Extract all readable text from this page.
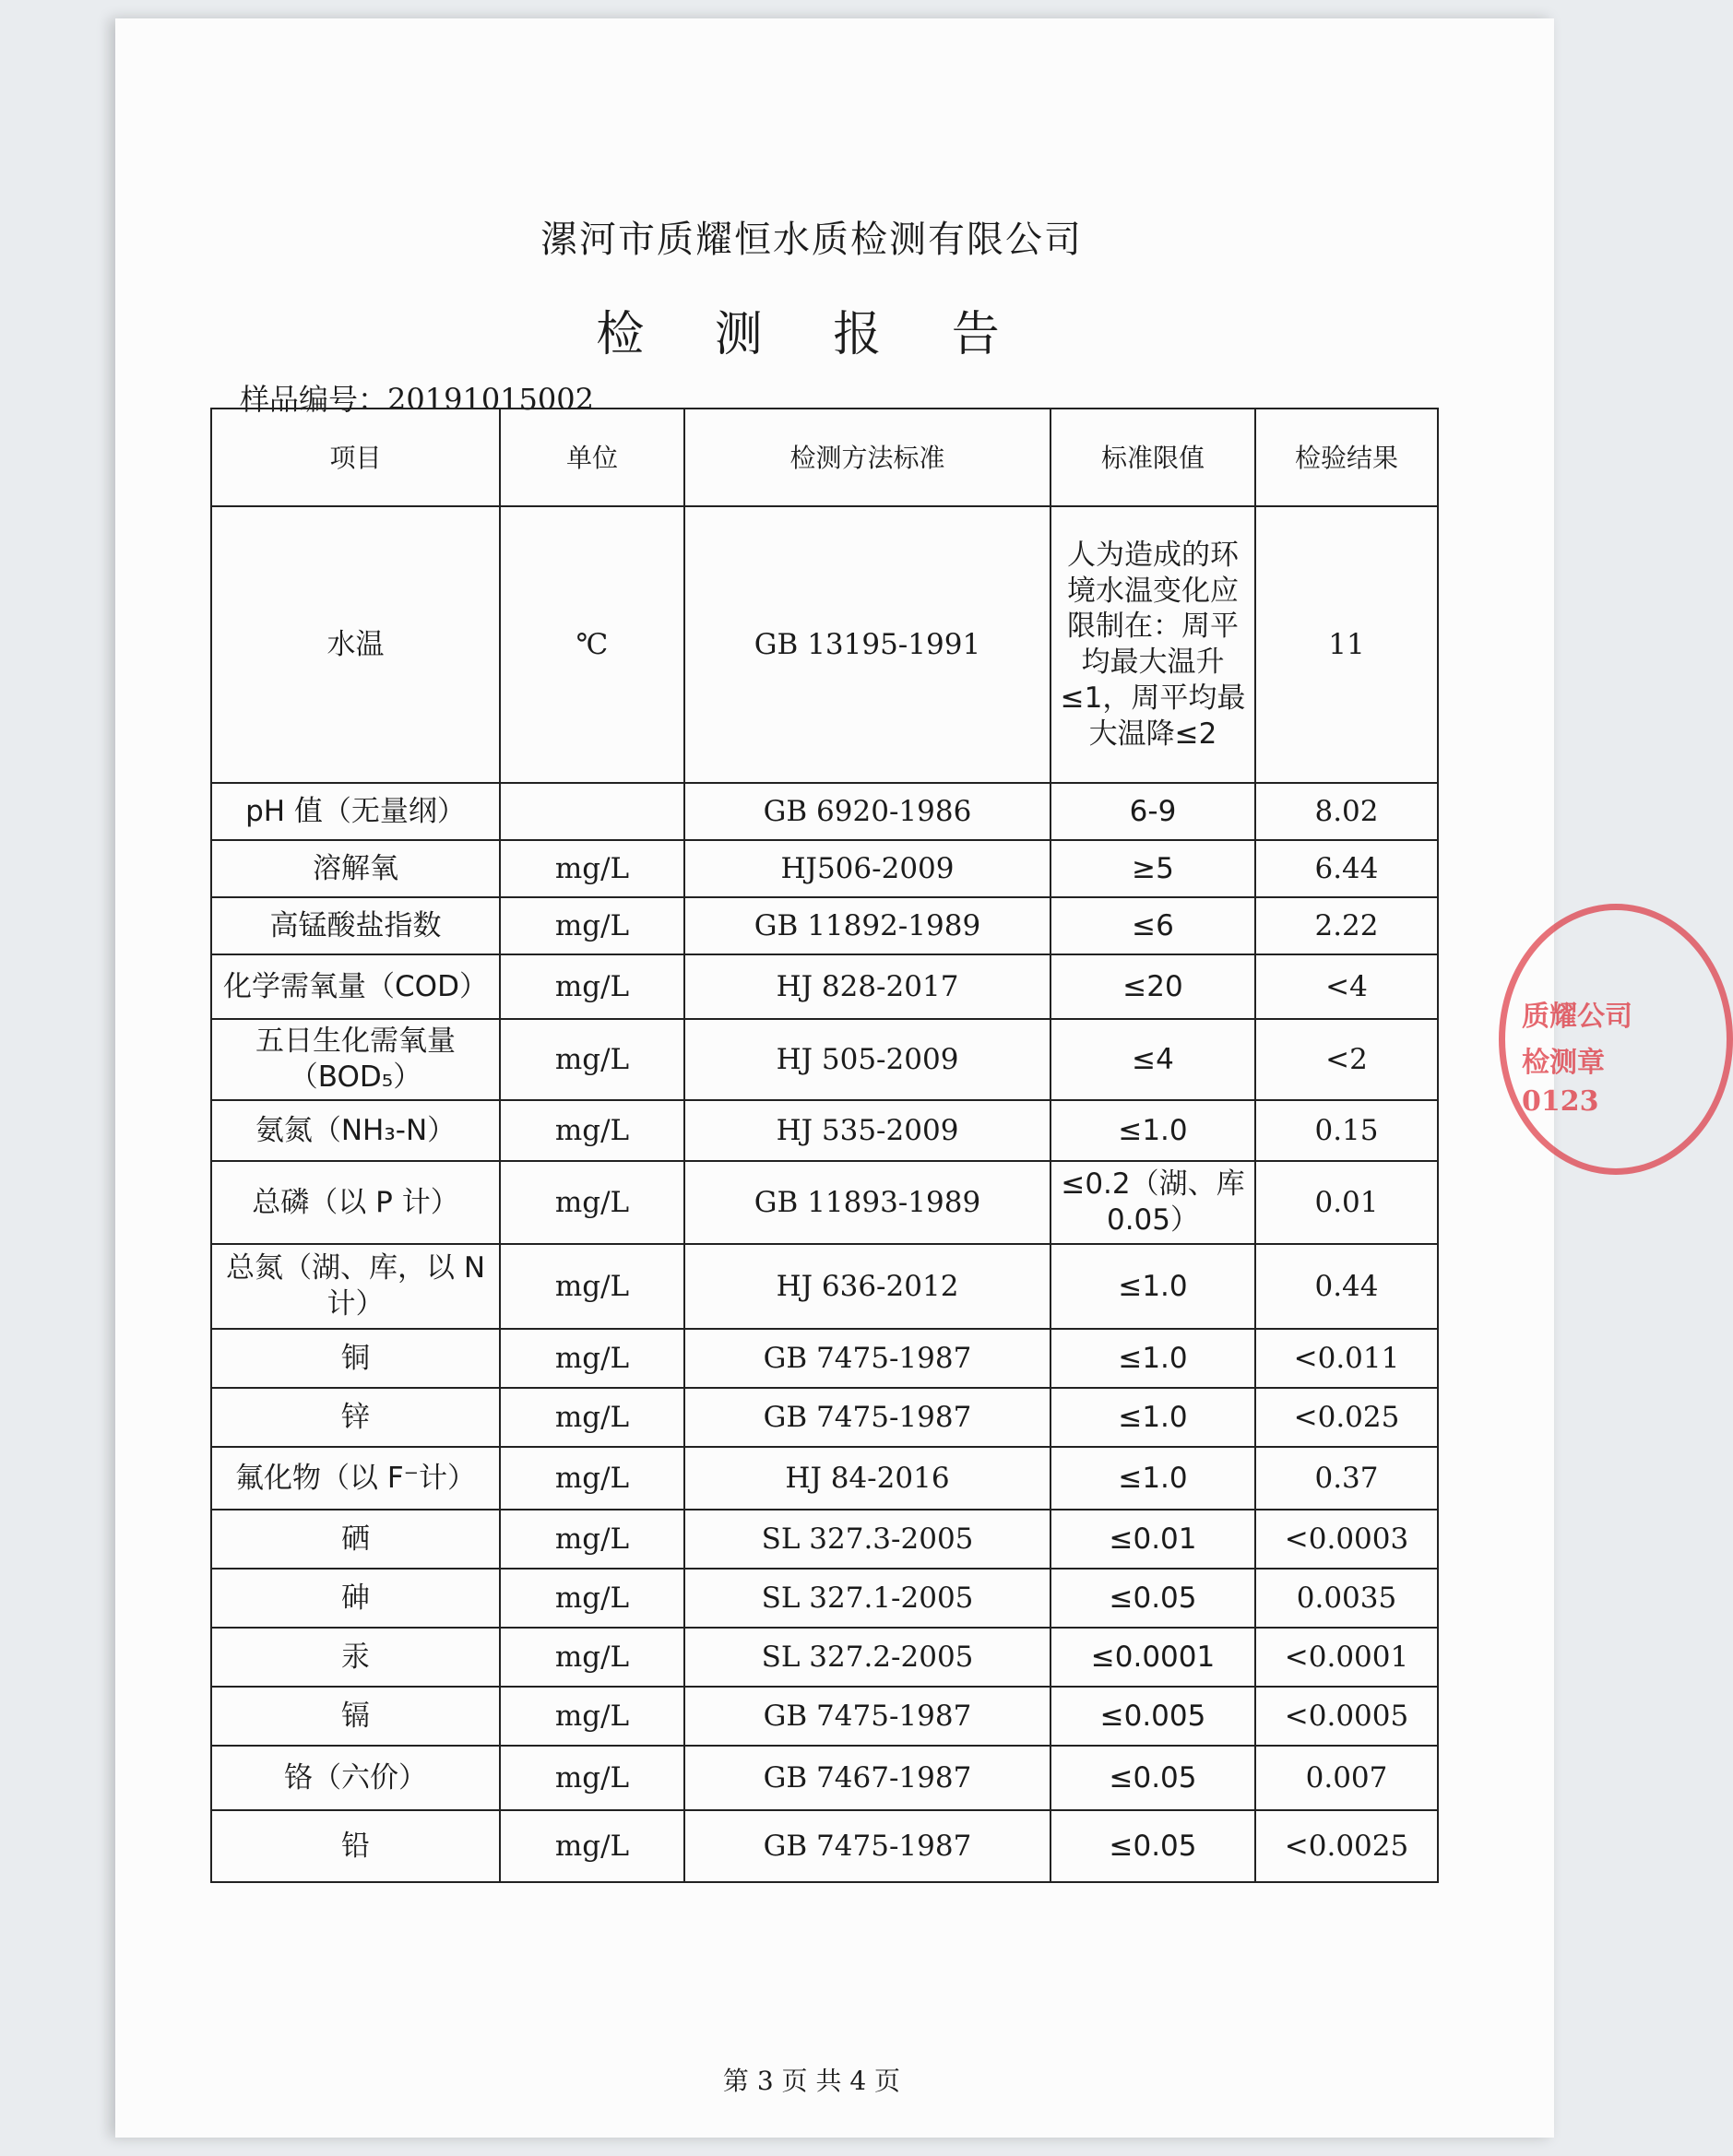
漯河市质耀恒水质检测有限公司
检 测 报 告
样品编号：20191015002
项目	单位	检测方法标准	标准限值	检验结果
水温	℃	GB 13195-1991	人为造成的环境水温变化应限制在：周平均最大温升≤1，周平均最大温降≤2	11
pH 值（无量纲）		GB 6920-1986	6-9	8.02
溶解氧	mg/L	HJ506-2009	≥5	6.44
高锰酸盐指数	mg/L	GB 11892-1989	≤6	2.22
化学需氧量（COD）	mg/L	HJ 828-2017	≤20	<4
五日生化需氧量（BOD₅）	mg/L	HJ 505-2009	≤4	<2
氨氮（NH₃-N）	mg/L	HJ 535-2009	≤1.0	0.15
总磷（以 P 计）	mg/L	GB 11893-1989	≤0.2（湖、库 0.05）	0.01
总氮（湖、库，以 N 计）	mg/L	HJ 636-2012	≤1.0	0.44
铜	mg/L	GB 7475-1987	≤1.0	<0.011
锌	mg/L	GB 7475-1987	≤1.0	<0.025
氟化物（以 F⁻计）	mg/L	HJ 84-2016	≤1.0	0.37
硒	mg/L	SL 327.3-2005	≤0.01	<0.0003
砷	mg/L	SL 327.1-2005	≤0.05	0.0035
汞	mg/L	SL 327.2-2005	≤0.0001	<0.0001
镉	mg/L	GB 7475-1987	≤0.005	<0.0005
铬（六价）	mg/L	GB 7467-1987	≤0.05	0.007
铅	mg/L	GB 7475-1987	≤0.05	<0.0025
质耀公司
检测章
0123
第 3 页 共 4 页
